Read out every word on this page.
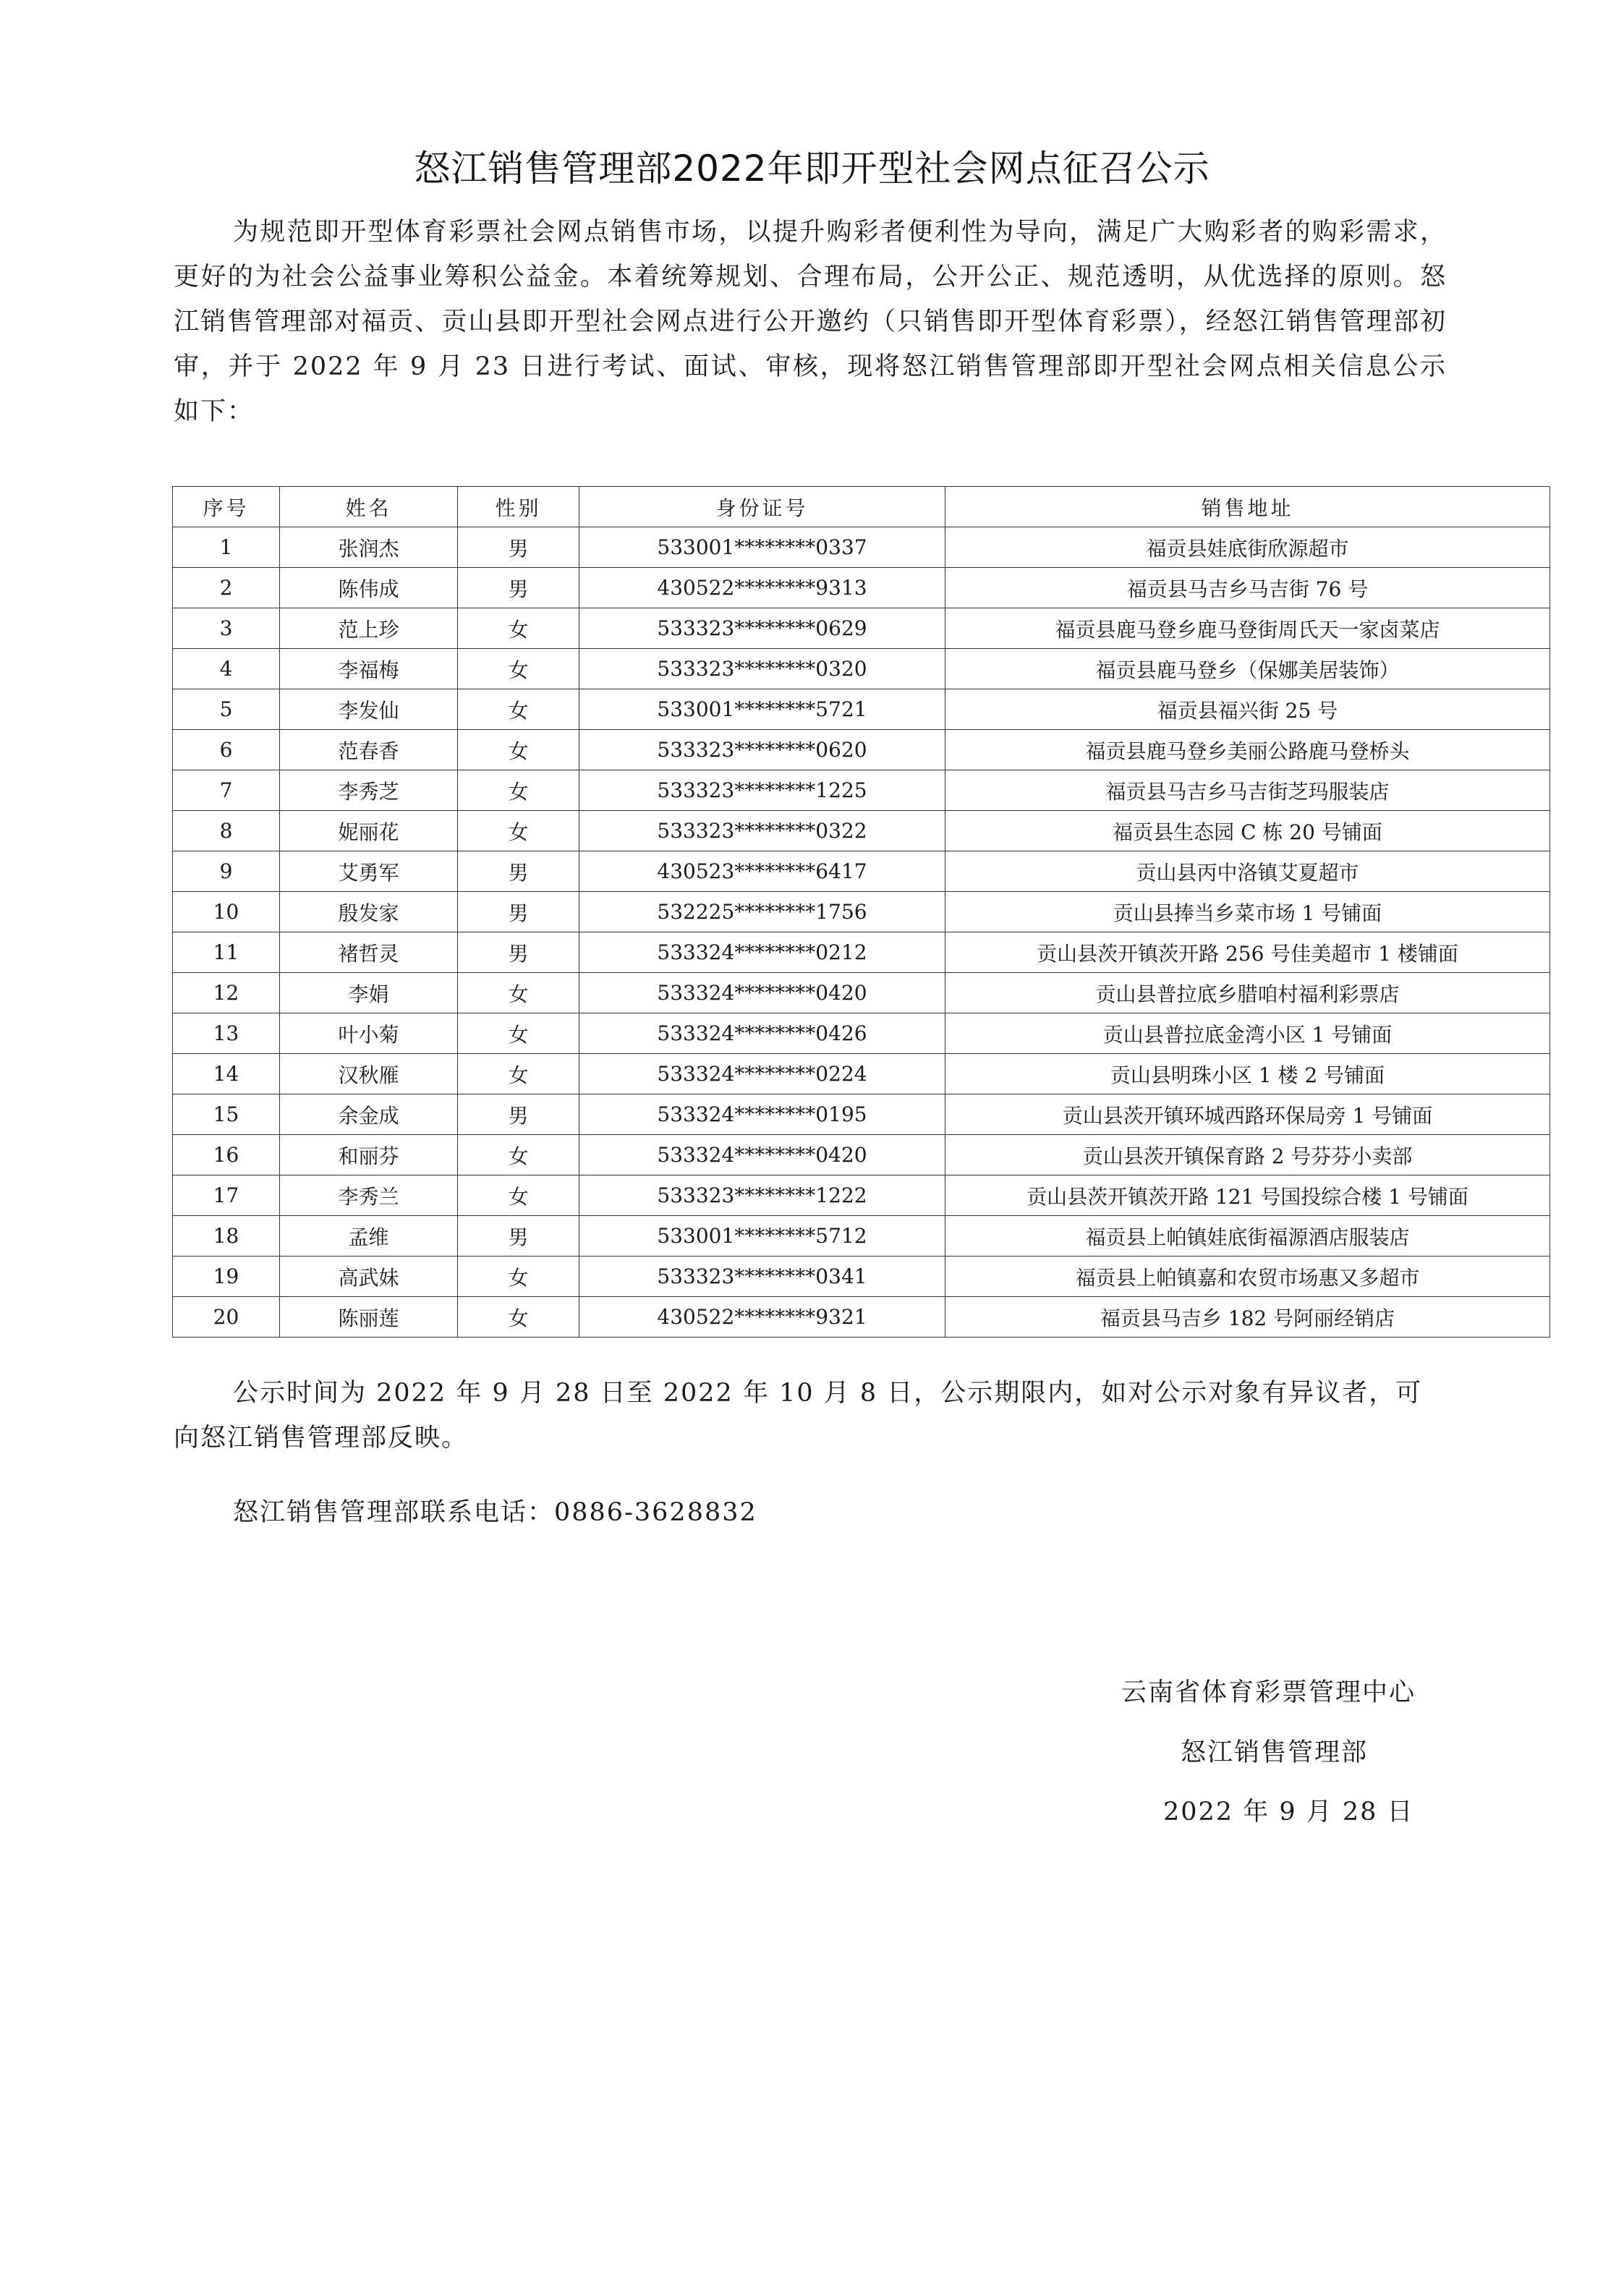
怒江销售管理部2022年即开型社会网点征召公示

为规范即开型体育彩票社会网点销售市场，以提升购彩者便利性为导向，满足广大购彩者的购彩需求，更好的为社会公益事业筹积公益金。本着统筹规划、合理布局，公开公正、规范透明，从优选择的原则。怒江销售管理部对福贡、贡山县即开型社会网点进行公开邀约（只销售即开型体育彩票），经怒江销售管理部初审，并于 2022 年 9 月 23 日进行考试、面试、审核，现将怒江销售管理部即开型社会网点相关信息公示如下：

序号	姓名	性别	身份证号	销售地址
1	张润杰	男	533001********0337	福贡县娃底街欣源超市
2	陈伟成	男	430522********9313	福贡县马吉乡马吉街 76 号
3	范上珍	女	533323********0629	福贡县鹿马登乡鹿马登街周氏天一家卤菜店
4	李福梅	女	533323********0320	福贡县鹿马登乡（保娜美居装饰）
5	李发仙	女	533001********5721	福贡县福兴街 25 号
6	范春香	女	533323********0620	福贡县鹿马登乡美丽公路鹿马登桥头
7	李秀芝	女	533323********1225	福贡县马吉乡马吉街芝玛服装店
8	妮丽花	女	533323********0322	福贡县生态园 C 栋 20 号铺面
9	艾勇军	男	430523********6417	贡山县丙中洛镇艾夏超市
10	殷发家	男	532225********1756	贡山县捧当乡菜市场 1 号铺面
11	褚哲灵	男	533324********0212	贡山县茨开镇茨开路 256 号佳美超市 1 楼铺面
12	李娟	女	533324********0420	贡山县普拉底乡腊咱村福利彩票店
13	叶小菊	女	533324********0426	贡山县普拉底金湾小区 1 号铺面
14	汉秋雁	女	533324********0224	贡山县明珠小区 1 楼 2 号铺面
15	余金成	男	533324********0195	贡山县茨开镇环城西路环保局旁 1 号铺面
16	和丽芬	女	533324********0420	贡山县茨开镇保育路 2 号芬芬小卖部
17	李秀兰	女	533323********1222	贡山县茨开镇茨开路 121 号国投综合楼 1 号铺面
18	孟维	男	533001********5712	福贡县上帕镇娃底街福源酒店服装店
19	高武妹	女	533323********0341	福贡县上帕镇嘉和农贸市场惠又多超市
20	陈丽莲	女	430522********9321	福贡县马吉乡 182 号阿丽经销店

公示时间为 2022 年 9 月 28 日至 2022 年 10 月 8 日，公示期限内，如对公示对象有异议者，可向怒江销售管理部反映。

怒江销售管理部联系电话：0886-3628832

云南省体育彩票管理中心
怒江销售管理部
2022 年 9 月 28 日
